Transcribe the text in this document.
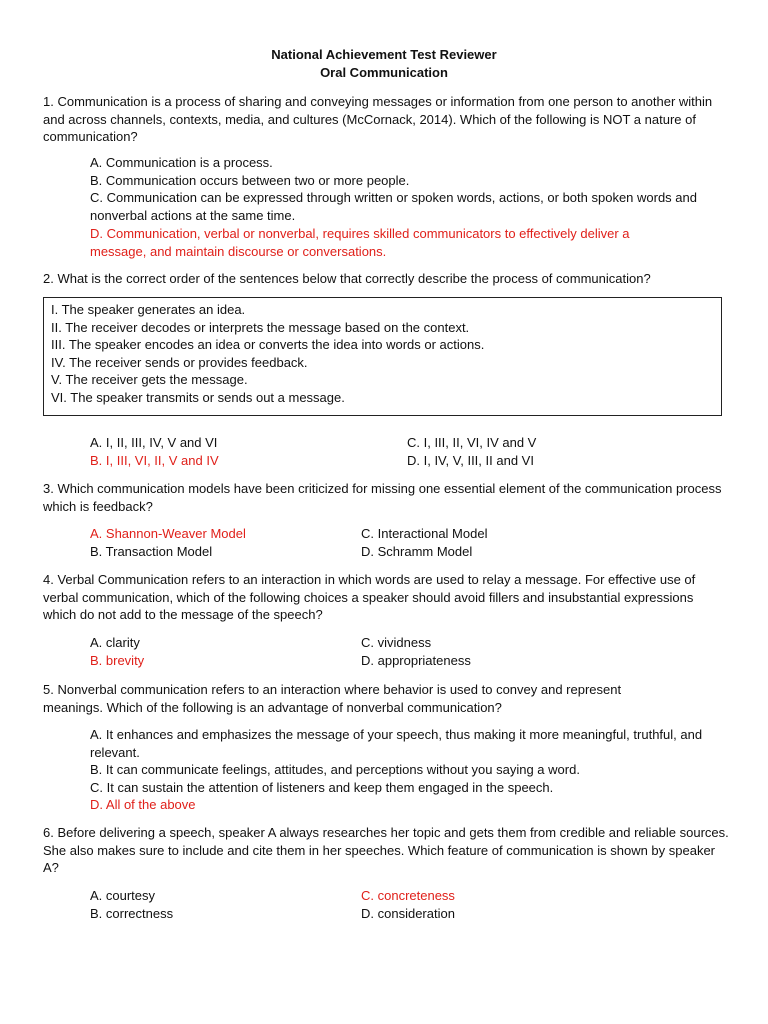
National Achievement Test Reviewer
Oral Communication

1. Communication is a process of sharing and conveying messages or information from one person to another within and across channels, contexts, media, and cultures (McCornack, 2014). Which of the following is NOT a nature of communication?

A. Communication is a process.

B. Communication occurs between two or more people.

C. Communication can be expressed through written or spoken words, actions, or both spoken words and nonverbal actions at the same time.

D. Communication, verbal or nonverbal, requires skilled communicators to effectively deliver a message, and maintain discourse or conversations.

2. What is the correct order of the sentences below that correctly describe the process of communication?

I. The speaker generates an idea.
II. The receiver decodes or interprets the message based on the context.
III. The speaker encodes an idea or converts the idea into words or actions.
IV. The receiver sends or provides feedback.
V. The receiver gets the message.
VI. The speaker transmits or sends out a message.
A. I, II, III, IV, V and VI
B. I, III, VI, II, V and IV
C. I, III, II, VI, IV and V
D. I, IV, V, III, II and VI

3. Which communication models have been criticized for missing one essential element of the communication process which is feedback?

A. Shannon-Weaver Model
B. Transaction Model
C. Interactional Model
D. Schramm Model

4. Verbal Communication refers to an interaction in which words are used to relay a message. For effective use of verbal communication, which of the following choices a speaker should avoid fillers and insubstantial expressions which do not add to the message of the speech?

A. clarity
B. brevity
C. vividness
D. appropriateness

5. Nonverbal communication refers to an interaction where behavior is used to convey and represent meanings. Which of the following is an advantage of nonverbal communication?

A. It enhances and emphasizes the message of your speech, thus making it more meaningful, truthful, and relevant.

B. It can communicate feelings, attitudes, and perceptions without you saying a word.

C. It can sustain the attention of listeners and keep them engaged in the speech.

D. All of the above

6. Before delivering a speech, speaker A always researches her topic and gets them from credible and reliable sources. She also makes sure to include and cite them in her speeches. Which feature of communication is shown by speaker A?

A. courtesy
B. correctness
C. concreteness
D. consideration
